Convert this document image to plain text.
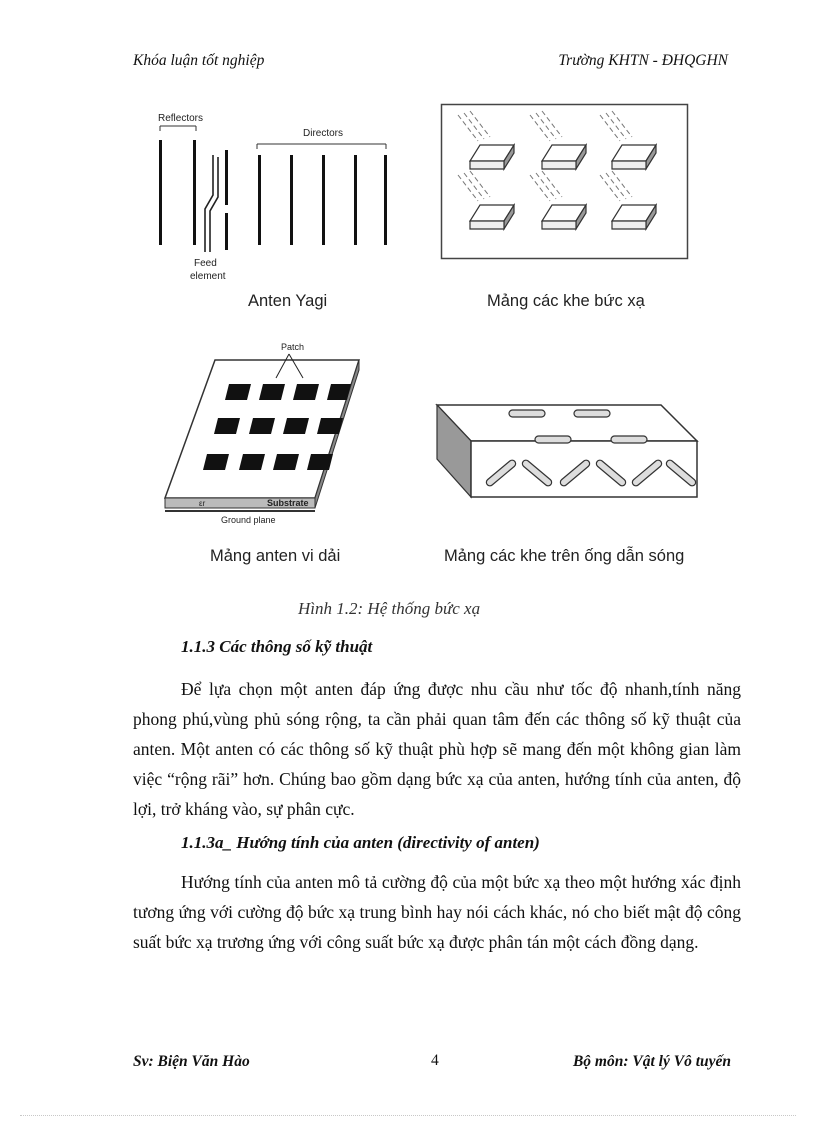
Khóa luận tốt nghiệp	Trường KHTN - ĐHQGHN
Reflectors
Directors
Feed
element
Anten Yagi	Mảng các khe bức xạ
Patch
εr	Substrate
Ground plane
Mảng anten vi dải	Mảng các khe trên ống dẫn sóng
Hình 1.2: Hệ thống bức xạ
1.1.3 Các thông số kỹ thuật

Để lựa chọn một anten đáp ứng được nhu cầu như tốc độ nhanh,tính năng phong phú,vùng phủ sóng rộng, ta cần phải quan tâm đến các thông số kỹ thuật của anten. Một anten có các thông số kỹ thuật phù hợp sẽ mang đến một không gian làm việc “rộng rãi” hơn. Chúng bao gồm dạng bức xạ của anten, hướng tính của anten, độ lợi, trở kháng vào, sự phân cực.

1.1.3a_ Hướng tính của anten (directivity of anten)

Hướng tính của anten mô tả cường độ của một bức xạ theo một hướng xác định tương ứng với cường độ bức xạ trung bình hay nói cách khác, nó cho biết mật độ công suất bức xạ trương ứng với công suất bức xạ được phân tán một cách đồng dạng.

Sv: Biện Văn Hào	4	Bộ môn: Vật lý Vô tuyến
